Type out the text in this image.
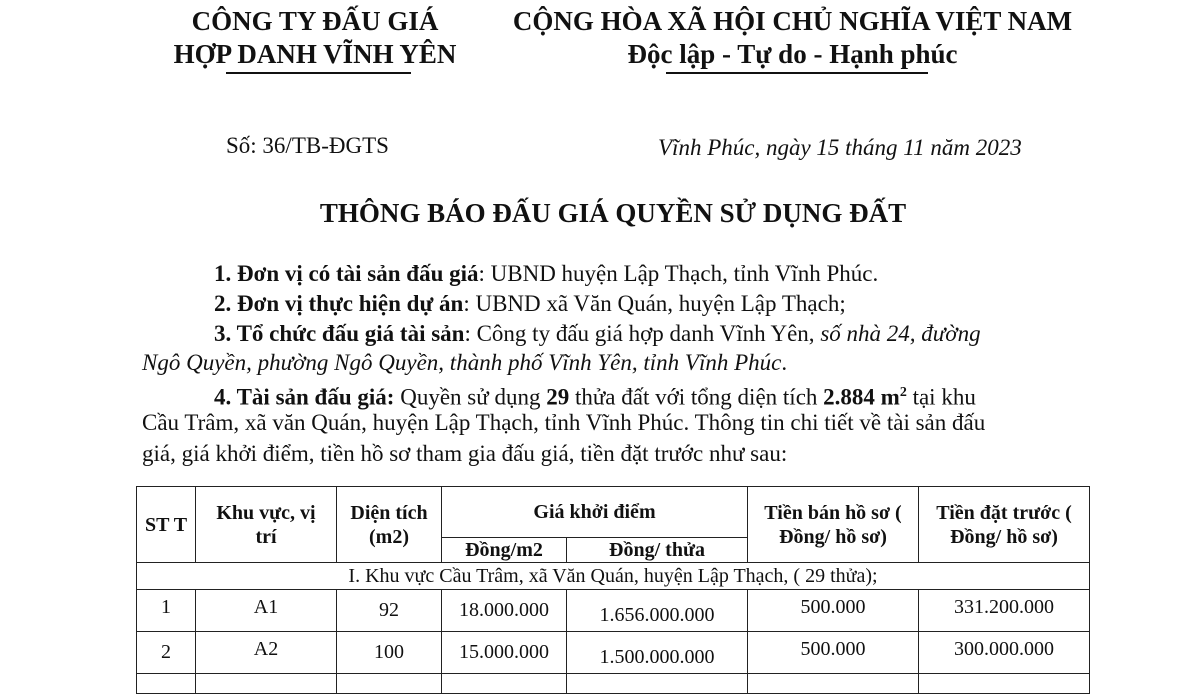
CÔNG TY ĐẤU GIÁ
HỢP DANH VĨNH YÊN
CỘNG HÒA XÃ HỘI CHỦ NGHĨA VIỆT NAM
Độc lập - Tự do - Hạnh phúc
Số: 36/TB-ĐGTS	Vĩnh Phúc, ngày 15 tháng 11 năm 2023
THÔNG BÁO ĐẤU GIÁ QUYỀN SỬ DỤNG ĐẤT
1. Đơn vị có tài sản đấu giá: UBND huyện Lập Thạch, tỉnh Vĩnh Phúc.
2. Đơn vị thực hiện dự án: UBND xã Văn Quán, huyện Lập Thạch;
3. Tổ chức đấu giá tài sản: Công ty đấu giá hợp danh Vĩnh Yên, số nhà 24, đường
Ngô Quyền, phường Ngô Quyền, thành phố Vĩnh Yên, tỉnh Vĩnh Phúc.
4. Tài sản đấu giá: Quyền sử dụng 29 thửa đất với tổng diện tích 2.884 $m^2$ tại khu
Cầu Trâm, xã văn Quán, huyện Lập Thạch, tỉnh Vĩnh Phúc. Thông tin chi tiết về tài sản đấu
giá, giá khởi điểm, tiền hồ sơ tham gia đấu giá, tiền đặt trước như sau:
ST T	Khu vực, vị trí	Diện tích (m2)	Giá khởi điểm		Tiền bán hồ sơ ( Đồng/ hồ sơ)	Tiền đặt trước ( Đồng/ hồ sơ)
			Đồng/m2	Đồng/ thửa		
I. Khu vực Cầu Trâm, xã Văn Quán, huyện Lập Thạch, ( 29 thửa);						
1	A1	92	18.000.000	1.656.000.000	500.000	331.200.000
2	A2	100	15.000.000	1.500.000.000	500.000	300.000.000
